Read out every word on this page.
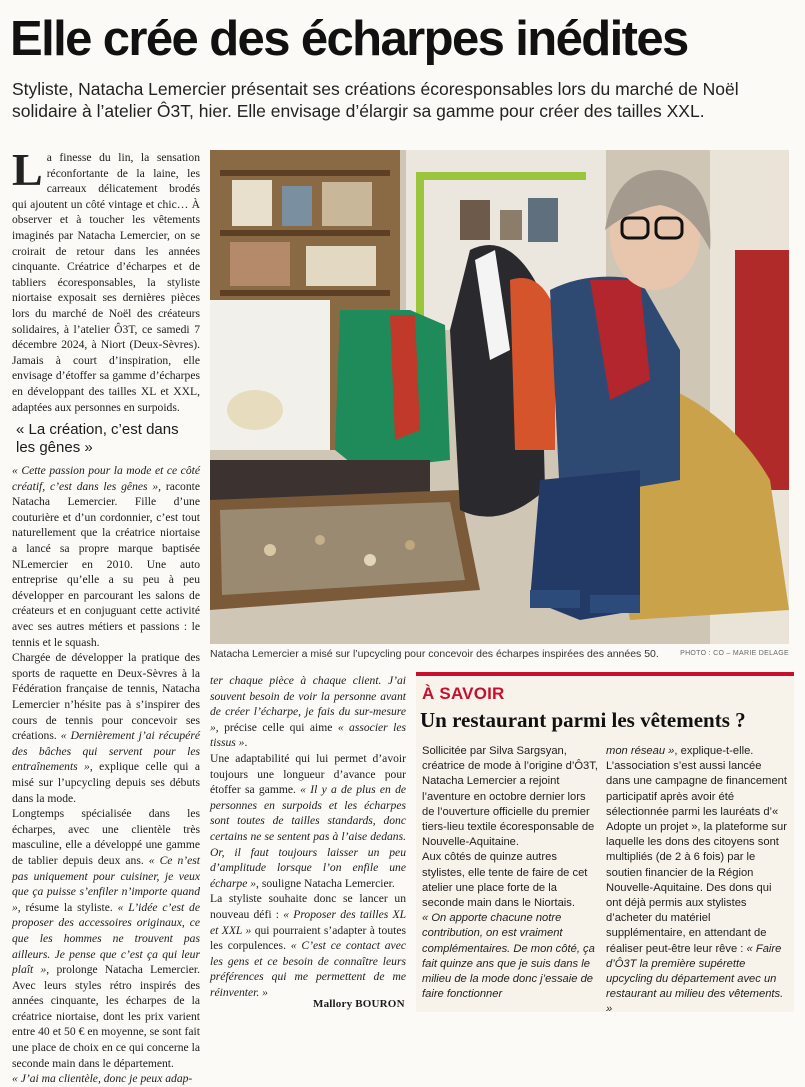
Elle crée des écharpes inédites
Styliste, Natacha Lemercier présentait ses créations écoresponsables lors du marché de Noël solidaire à l’atelier Ô3T, hier. Elle envisage d’élargir sa gamme pour créer des tailles XXL.

La finesse du lin, la sensation réconfortante de la laine, les carreaux délicatement brodés qui ajoutent un côté vintage et chic… À observer et à toucher les vêtements imaginés par Natacha Lemercier, on se croirait de retour dans les années cinquante. Créatrice d’écharpes et de tabliers écoresponsables, la styliste niortaise exposait ses dernières pièces lors du marché de Noël des créateurs solidaires, à l’atelier Ô3T, ce samedi 7 décembre 2024, à Niort (Deux-Sèvres). Jamais à court d’inspiration, elle envisage d’étoffer sa gamme d’écharpes en développant des tailles XL et XXL, adaptées aux personnes en surpoids.

« La création, c’est dans les gênes »

« Cette passion pour la mode et ce côté créatif, c’est dans les gênes », raconte Natacha Lemercier. Fille d’une couturière et d’un cordonnier, c’est tout naturellement que la créatrice niortaise a lancé sa propre marque baptisée NLemercier en 2010. Une auto entreprise qu’elle a su peu à peu développer en parcourant les salons de créateurs et en conjuguant cette activité avec ses autres métiers et passions : le tennis et le squash.

Chargée de développer la pratique des sports de raquette en Deux-Sèvres à la Fédération française de tennis, Natacha Lemercier n’hésite pas à s’inspirer des cours de tennis pour concevoir ses créations. « Dernièrement j’ai récupéré des bâches qui servent pour les entraînements », explique celle qui a misé sur l’upcycling depuis ses débuts dans la mode.

Longtemps spécialisée dans les écharpes, avec une clientèle très masculine, elle a développé une gamme de tablier depuis deux ans. « Ce n’est pas uniquement pour cuisiner, je veux que ça puisse s’enfiler n’importe quand », résume la styliste. « L’idée c’est de proposer des accessoires originaux, ce que les hommes ne trouvent pas ailleurs. Je pense que c’est ça qui leur plaît », prolonge Natacha Lemercier. Avec leurs styles rétro inspirés des années cinquante, les écharpes de la créatrice niortaise, dont les prix varient entre 40 et 50 € en moyenne, se sont fait une place de choix en ce qui concerne la seconde main dans le département.

« J’ai ma clientèle, donc je peux adap-

Natacha Lemercier a misé sur l’upcycling pour concevoir des écharpes inspirées des années 50.	PHOTO : CO – MARIE DELAGE

ter chaque pièce à chaque client. J’ai souvent besoin de voir la personne avant de créer l’écharpe, je fais du sur-mesure », précise celle qui aime « associer les tissus ».

Une adaptabilité qui lui permet d’avoir toujours une longueur d’avance pour étoffer sa gamme. « Il y a de plus en de personnes en surpoids et les écharpes sont toutes de tailles standards, donc certains ne se sentent pas à l’aise dedans. Or, il faut toujours laisser un peu d’amplitude lorsque l’on enfile une écharpe », souligne Natacha Lemercier.

La styliste souhaite donc se lancer un nouveau défi : « Proposer des tailles XL et XXL » qui pourraient s’adapter à toutes les corpulences. « C’est ce contact avec les gens et ce besoin de connaître leurs préférences qui me permettent de me réinventer. »

Mallory BOURON
À SAVOIR
Un restaurant parmi les vêtements ?

Sollicitée par Silva Sargsyan, créatrice de mode à l’origine d’Ô3T, Natacha Lemercier a rejoint l’aventure en octobre dernier lors de l’ouverture officielle du premier tiers-lieu textile écoresponsable de Nouvelle-Aquitaine.

Aux côtés de quinze autres stylistes, elle tente de faire de cet atelier une place forte de la seconde main dans le Niortais.

« On apporte chacune notre contribution, on est vraiment complémentaires. De mon côté, ça fait quinze ans que je suis dans le milieu de la mode donc j’essaie de faire fonctionner

mon réseau », explique-t-elle. L’association s’est aussi lancée dans une campagne de financement participatif après avoir été sélectionnée parmi les lauréats d’« Adopte un projet », la plateforme sur laquelle les dons des citoyens sont multipliés (de 2 à 6 fois) par le soutien financier de la Région Nouvelle-Aquitaine. Des dons qui ont déjà permis aux stylistes d’acheter du matériel supplémentaire, en attendant de réaliser peut-être leur rêve : « Faire d’Ô3T la première supérette upcycling du département avec un restaurant au milieu des vêtements. »
